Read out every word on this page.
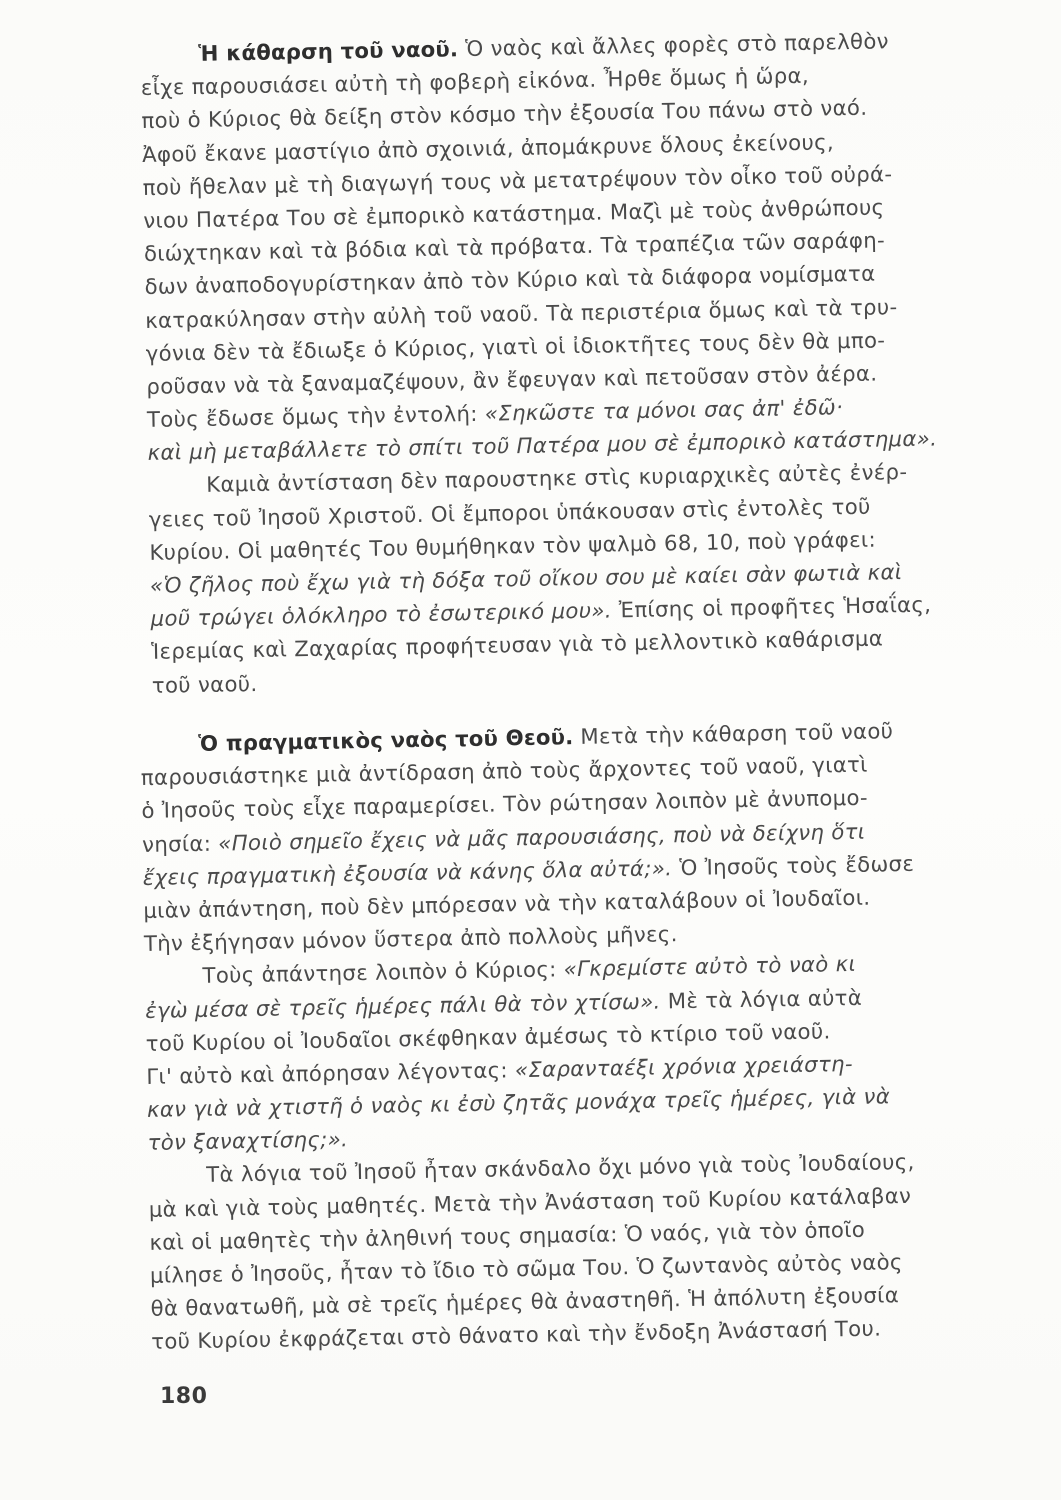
Ἡ κάθαρση τοῦ ναοῦ. Ὁ ναὸς καὶ ἄλλες φορὲς στὸ παρελθὸν
εἶχε παρουσιάσει αὐτὴ τὴ φοβερὴ εἰκόνα. Ἦρθε ὅμως ἡ ὥρα,
ποὺ ὁ Κύριος θὰ δείξη στὸν κόσμο τὴν ἐξουσία Του πάνω στὸ ναό.
Ἀφοῦ ἔκανε μαστίγιο ἀπὸ σχοινιά, ἀπομάκρυνε ὅλους ἐκείνους,
ποὺ ἤθελαν μὲ τὴ διαγωγή τους νὰ μετατρέψουν τὸν οἶκο τοῦ οὐρά-
νιου Πατέρα Του σὲ ἐμπορικὸ κατάστημα. Μαζὶ μὲ τοὺς ἀνθρώπους
διώχτηκαν καὶ τὰ βόδια καὶ τὰ πρόβατα. Τὰ τραπέζια τῶν σαράφη-
δων ἀναποδογυρίστηκαν ἀπὸ τὸν Κύριο καὶ τὰ διάφορα νομίσματα
κατρακύλησαν στὴν αὐλὴ τοῦ ναοῦ. Τὰ περιστέρια ὅμως καὶ τὰ τρυ-
γόνια δὲν τὰ ἔδιωξε ὁ Κύριος, γιατὶ οἱ ἰδιοκτῆτες τους δὲν θὰ μπο-
ροῦσαν νὰ τὰ ξαναμαζέψουν, ἂν ἔφευγαν καὶ πετοῦσαν στὸν ἀέρα.
Τοὺς ἔδωσε ὅμως τὴν ἐντολή: «Σηκῶστε τα μόνοι σας ἀπ' ἐδῶ·
καὶ μὴ μεταβάλλετε τὸ σπίτι τοῦ Πατέρα μου σὲ ἐμπορικὸ κατάστημα».
Καμιὰ ἀντίσταση δὲν παρουστηκε στὶς κυριαρχικὲς αὐτὲς ἐνέρ-
γειες τοῦ Ἰησοῦ Χριστοῦ. Οἱ ἔμποροι ὑπάκουσαν στὶς ἐντολὲς τοῦ
Κυρίου. Οἱ μαθητές Του θυμήθηκαν τὸν ψαλμὸ 68, 10, ποὺ γράφει:
«Ὁ ζῆλος ποὺ ἔχω γιὰ τὴ δόξα τοῦ οἴκου σου μὲ καίει σὰν φωτιὰ καὶ
μοῦ τρώγει ὁλόκληρο τὸ ἐσωτερικό μου». Ἐπίσης οἱ προφῆτες Ἡσαΐας,
Ἱερεμίας καὶ Ζαχαρίας προφήτευσαν γιὰ τὸ μελλοντικὸ καθάρισμα
τοῦ ναοῦ.
Ὁ πραγματικὸς ναὸς τοῦ Θεοῦ. Μετὰ τὴν κάθαρση τοῦ ναοῦ
παρουσιάστηκε μιὰ ἀντίδραση ἀπὸ τοὺς ἄρχοντες τοῦ ναοῦ, γιατὶ
ὁ Ἰησοῦς τοὺς εἶχε παραμερίσει. Τὸν ρώτησαν λοιπὸν μὲ ἀνυπομο-
νησία: «Ποιὸ σημεῖο ἔχεις νὰ μᾶς παρουσιάσης, ποὺ νὰ δείχνη ὅτι
ἔχεις πραγματικὴ ἐξουσία νὰ κάνης ὅλα αὐτά;». Ὁ Ἰησοῦς τοὺς ἔδωσε
μιὰν ἀπάντηση, ποὺ δὲν μπόρεσαν νὰ τὴν καταλάβουν οἱ Ἰουδαῖοι.
Τὴν ἐξήγησαν μόνον ὕστερα ἀπὸ πολλοὺς μῆνες.
Τοὺς ἀπάντησε λοιπὸν ὁ Κύριος: «Γκρεμίστε αὐτὸ τὸ ναὸ κι
ἐγὼ μέσα σὲ τρεῖς ἡμέρες πάλι θὰ τὸν χτίσω». Μὲ τὰ λόγια αὐτὰ
τοῦ Κυρίου οἱ Ἰουδαῖοι σκέφθηκαν ἀμέσως τὸ κτίριο τοῦ ναοῦ.
Γι' αὐτὸ καὶ ἀπόρησαν λέγοντας: «Σαρανταέξι χρόνια χρειάστη-
καν γιὰ νὰ χτιστῆ ὁ ναὸς κι ἐσὺ ζητᾶς μονάχα τρεῖς ἡμέρες, γιὰ νὰ
τὸν ξαναχτίσης;».
Τὰ λόγια τοῦ Ἰησοῦ ἦταν σκάνδαλο ὄχι μόνο γιὰ τοὺς Ἰουδαίους,
μὰ καὶ γιὰ τοὺς μαθητές. Μετὰ τὴν Ἀνάσταση τοῦ Κυρίου κατάλαβαν
καὶ οἱ μαθητὲς τὴν ἀληθινή τους σημασία: Ὁ ναός, γιὰ τὸν ὁποῖο
μίλησε ὁ Ἰησοῦς, ἦταν τὸ ἴδιο τὸ σῶμα Του. Ὁ ζωντανὸς αὐτὸς ναὸς
θὰ θανατωθῆ, μὰ σὲ τρεῖς ἡμέρες θὰ ἀναστηθῆ. Ἡ ἀπόλυτη ἐξουσία
τοῦ Κυρίου ἐκφράζεται στὸ θάνατο καὶ τὴν ἔνδοξη Ἀνάστασή Του.
180
